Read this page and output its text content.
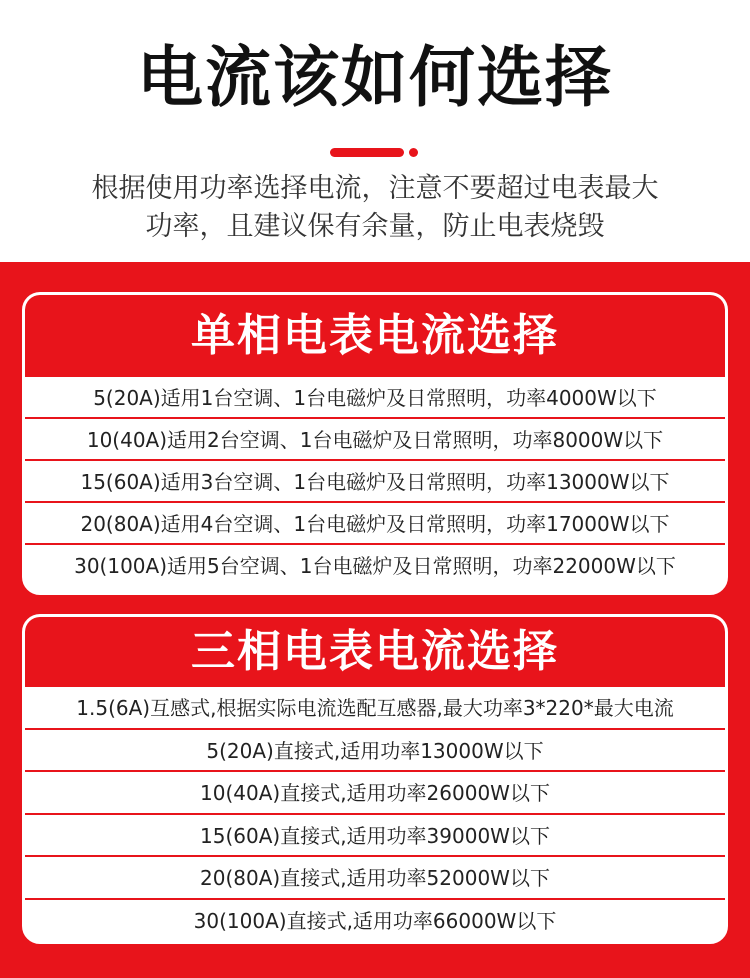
电流该如何选择
根据使用功率选择电流，注意不要超过电表最大
功率，且建议保有余量，防止电表烧毁
单相电表电流选择
5(20A)适用1台空调、1台电磁炉及日常照明，功率4000W以下
10(40A)适用2台空调、1台电磁炉及日常照明，功率8000W以下
15(60A)适用3台空调、1台电磁炉及日常照明，功率13000W以下
20(80A)适用4台空调、1台电磁炉及日常照明，功率17000W以下
30(100A)适用5台空调、1台电磁炉及日常照明，功率22000W以下
三相电表电流选择
1.5(6A)互感式,根据实际电流选配互感器,最大功率3*220*最大电流
5(20A)直接式,适用功率13000W以下
10(40A)直接式,适用功率26000W以下
15(60A)直接式,适用功率39000W以下
20(80A)直接式,适用功率52000W以下
30(100A)直接式,适用功率66000W以下
